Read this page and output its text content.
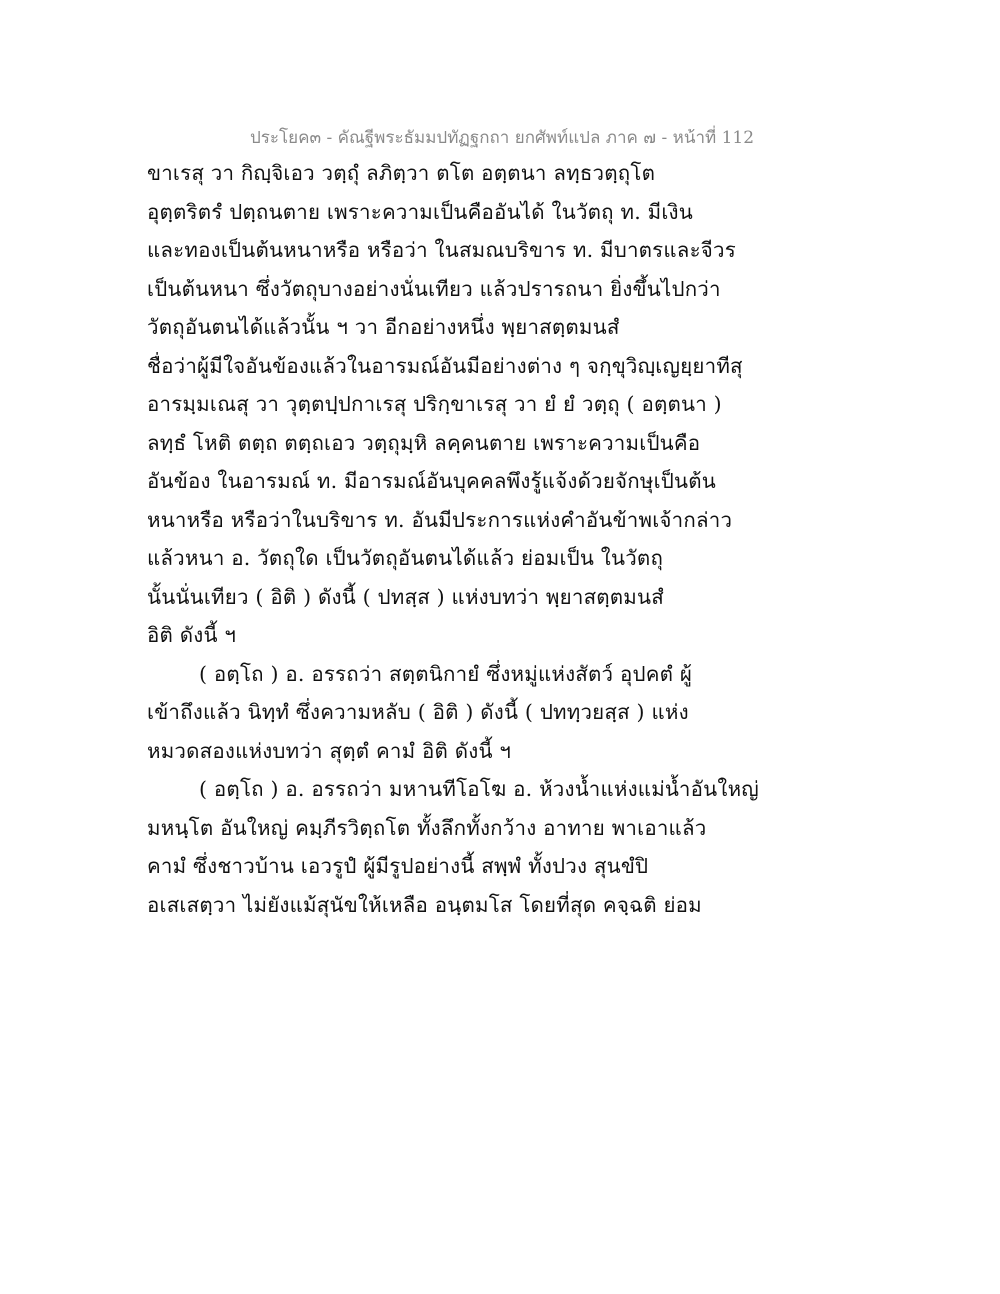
ประโยค๓ - คัณฐีพระธัมมปทัฏฐกถา ยกศัพท์แปล ภาค ๗ - หน้าที่ 112
ขาเรสุ วา กิญฺจิเอว วตฺถุํ ลภิตฺวา ตโต อตฺตนา ลทฺธวตฺถุโต
อุตฺตริตรํ ปตฺถนตาย เพราะความเป็นคืออันได้ ในวัตถุ ท. มีเงิน
และทองเป็นต้นหนาหรือ หรือว่า ในสมณบริขาร ท. มีบาตรและจีวร
เป็นต้นหนา ซึ่งวัตถุบางอย่างนั่นเทียว แล้วปรารถนา ยิ่งขึ้นไปกว่า
วัตถุอันตนได้แล้วนั้น ฯ วา อีกอย่างหนึ่ง พฺยาสตฺตมนสํ
ชื่อว่าผู้มีใจอันข้องแล้วในอารมณ์อันมีอย่างต่าง ๆ จกฺขุวิญฺเญยฺยาทีสุ
อารมฺมเณสุ วา วุตฺตปฺปกาเรสุ ปริกฺขาเรสุ วา ยํ ยํ วตฺถุ ( อตฺตนา )
ลทฺธํ โหติ ตตฺถ ตตฺถเอว วตฺถุมฺหิ ลคฺคนตาย เพราะความเป็นคือ
อันข้อง ในอารมณ์ ท. มีอารมณ์อันบุคคลพึงรู้แจ้งด้วยจักษุเป็นต้น
หนาหรือ หรือว่าในบริขาร ท. อันมีประการแห่งคำอันข้าพเจ้ากล่าว
แล้วหนา อ. วัตถุใด เป็นวัตถุอันตนได้แล้ว ย่อมเป็น ในวัตถุ
นั้นนั่นเทียว ( อิติ ) ดังนี้ ( ปทสฺส ) แห่งบทว่า พฺยาสตฺตมนสํ
อิติ ดังนี้ ฯ
( อตฺโถ ) อ. อรรถว่า สตฺตนิกายํ ซึ่งหมู่แห่งสัตว์ อุปคตํ ผู้
เข้าถึงแล้ว นิทฺทํ ซึ่งความหลับ ( อิติ ) ดังนี้ ( ปททฺวยสฺส ) แห่ง
หมวดสองแห่งบทว่า สุตฺตํ คามํ อิติ ดังนี้ ฯ
( อตฺโถ ) อ. อรรถว่า มหานทีโอโฆ อ. ห้วงน้ำแห่งแม่น้ำอันใหญ่
มหนฺโต อันใหญ่ คมฺภีรวิตฺถโต ทั้งลึกทั้งกว้าง อาทาย พาเอาแล้ว
คามํ ซึ่งชาวบ้าน เอวรูปํ ผู้มีรูปอย่างนี้ สพฺพํ ทั้งปวง สุนขํปิ
อเสเสตฺวา ไม่ยังแม้สุนัขให้เหลือ อนฺตมโส โดยที่สุด คจฺฉติ ย่อม
